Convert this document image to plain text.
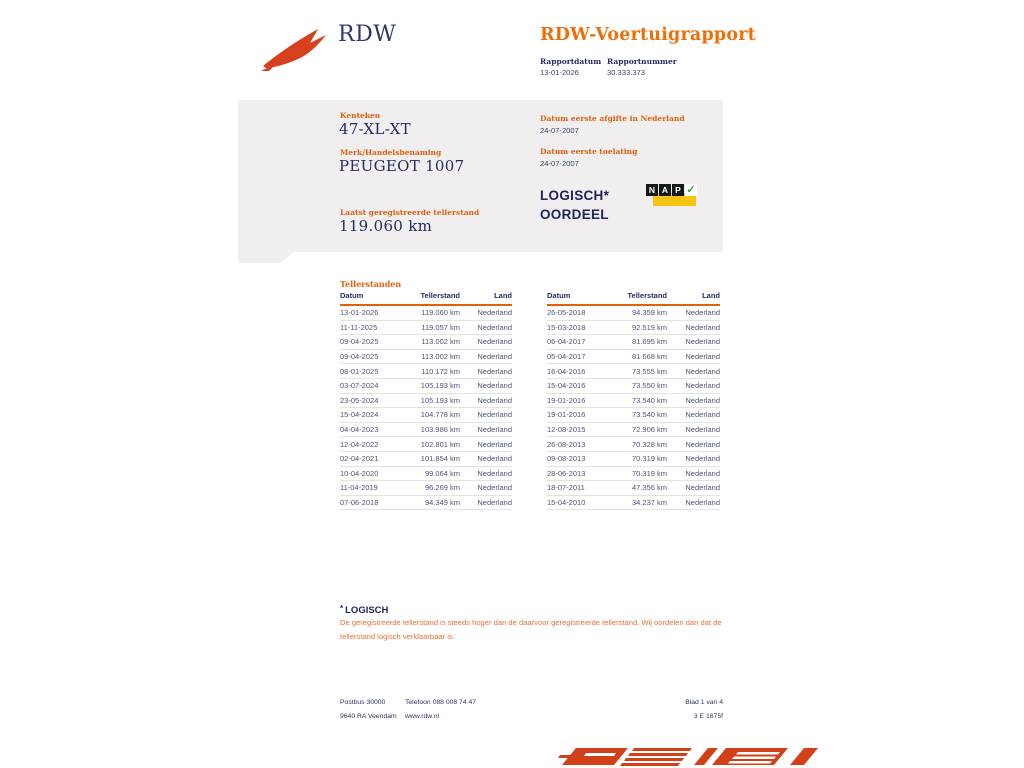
RDW	RDW-Voertuigrapport
Rapportdatum Rapportnummer
13-01-2026	30.333.373
Kenteken
47-XL-XT
Merk/Handelsbenaming
PEUGEOT 1007
Laatst geregistreerde tellerstand
119.060 km
Datum eerste afgifte in Nederland
24-07-2007
Datum eerste toelating
24-07-2007
LOGISCH*
OORDEEL
N A P ✓
Tellerstanden
Datum	Tellerstand	Land
13-01-2026	119.060 km	Nederland
11-11-2025	119.057 km	Nederland
09-04-2025	113.002 km	Nederland
09-04-2025	113.002 km	Nederland
08-01-2025	110.172 km	Nederland
03-07-2024	105.193 km	Nederland
23-05-2024	105.193 km	Nederland
15-04-2024	104.778 km	Nederland
04-04-2023	103.986 km	Nederland
12-04-2022	102.801 km	Nederland
02-04-2021	101.854 km	Nederland
10-04-2020	99.064 km	Nederland
11-04-2019	96.269 km	Nederland
07-06-2018	94.349 km	Nederland
Datum	Tellerstand	Land
26-05-2018	94.359 km	Nederland
15-03-2018	92.519 km	Nederland
06-04-2017	81.695 km	Nederland
05-04-2017	81.668 km	Nederland
16-04-2016	73.555 km	Nederland
15-04-2016	73.550 km	Nederland
19-01-2016	73.540 km	Nederland
19-01-2016	73.540 km	Nederland
12-08-2015	72.906 km	Nederland
26-08-2013	70.328 km	Nederland
09-08-2013	70.319 km	Nederland
28-06-2013	70.319 km	Nederland
18-07-2011	47.356 km	Nederland
15-04-2010	34.237 km	Nederland
* LOGISCH
De geregistreerde tellerstand is steeds hoger dan de daarvoor geregistreerde tellerstand. Wij oordelen dan dat de tellerstand logisch verklaarbaar is.
Postbus 30000
9640 RA Veendam
Telefoon 088 008 74 47
www.rdw.nl
Blad 1 van 4
3 E 1675f
